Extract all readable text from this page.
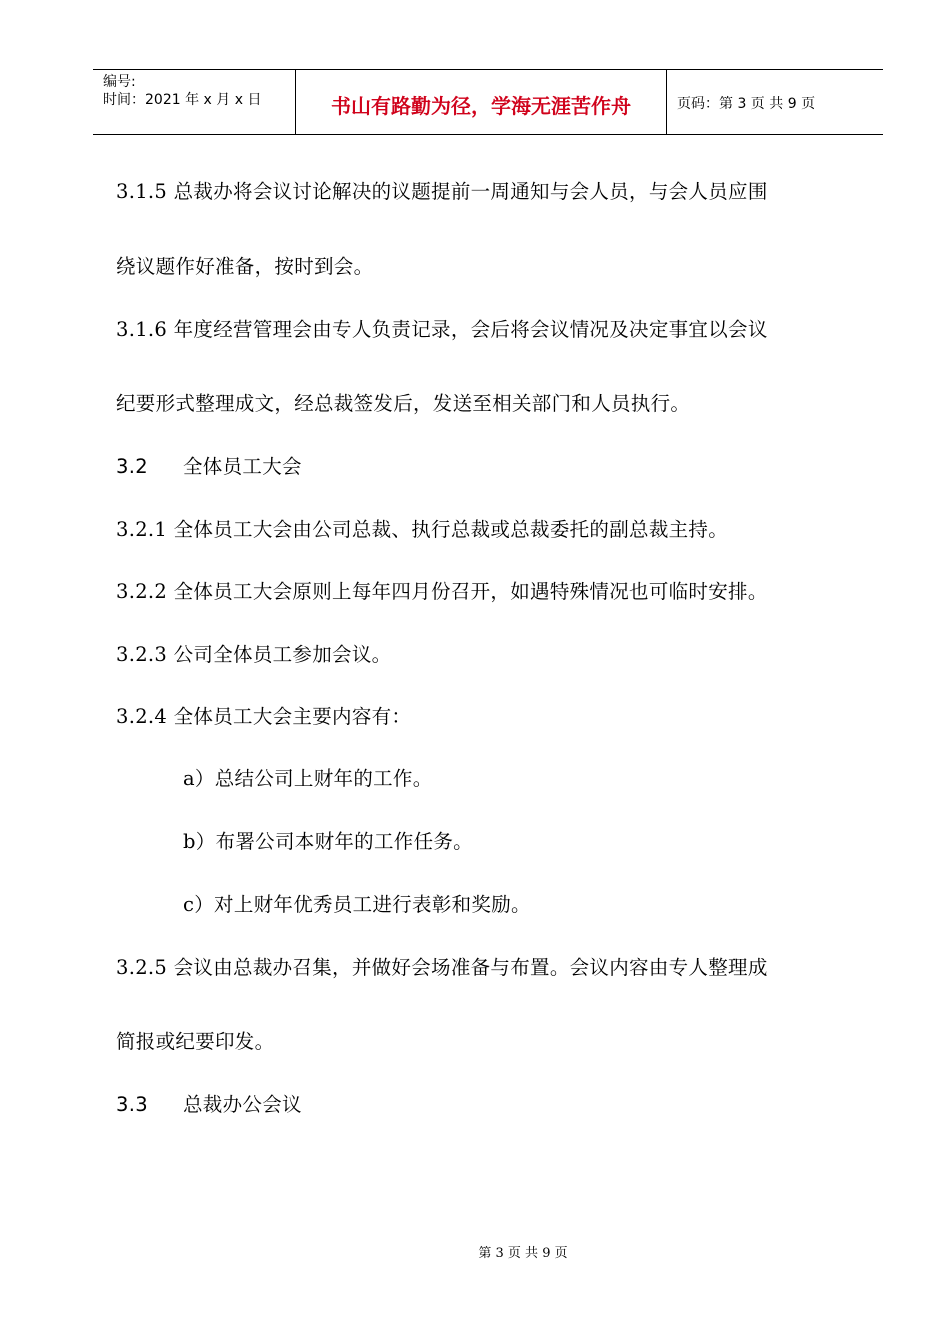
编号:
时间：2021 年 x 月 x 日	书山有路勤为径，学海无涯苦作舟	页码：第 3 页 共 9 页
3.1.5 总裁办将会议讨论解决的议题提前一周通知与会人员，与会人员应围
绕议题作好准备，按时到会。
3.1.6 年度经营管理会由专人负责记录，会后将会议情况及决定事宜以会议
纪要形式整理成文，经总裁签发后，发送至相关部门和人员执行。
3.2 全体员工大会
3.2.1 全体员工大会由公司总裁、执行总裁或总裁委托的副总裁主持。
3.2.2 全体员工大会原则上每年四月份召开，如遇特殊情况也可临时安排。
3.2.3 公司全体员工参加会议。
3.2.4 全体员工大会主要内容有：
a）总结公司上财年的工作。
b）布署公司本财年的工作任务。
c）对上财年优秀员工进行表彰和奖励。
3.2.5 会议由总裁办召集，并做好会场准备与布置。会议内容由专人整理成
简报或纪要印发。
3.3 总裁办公会议
第 3 页 共 9 页
